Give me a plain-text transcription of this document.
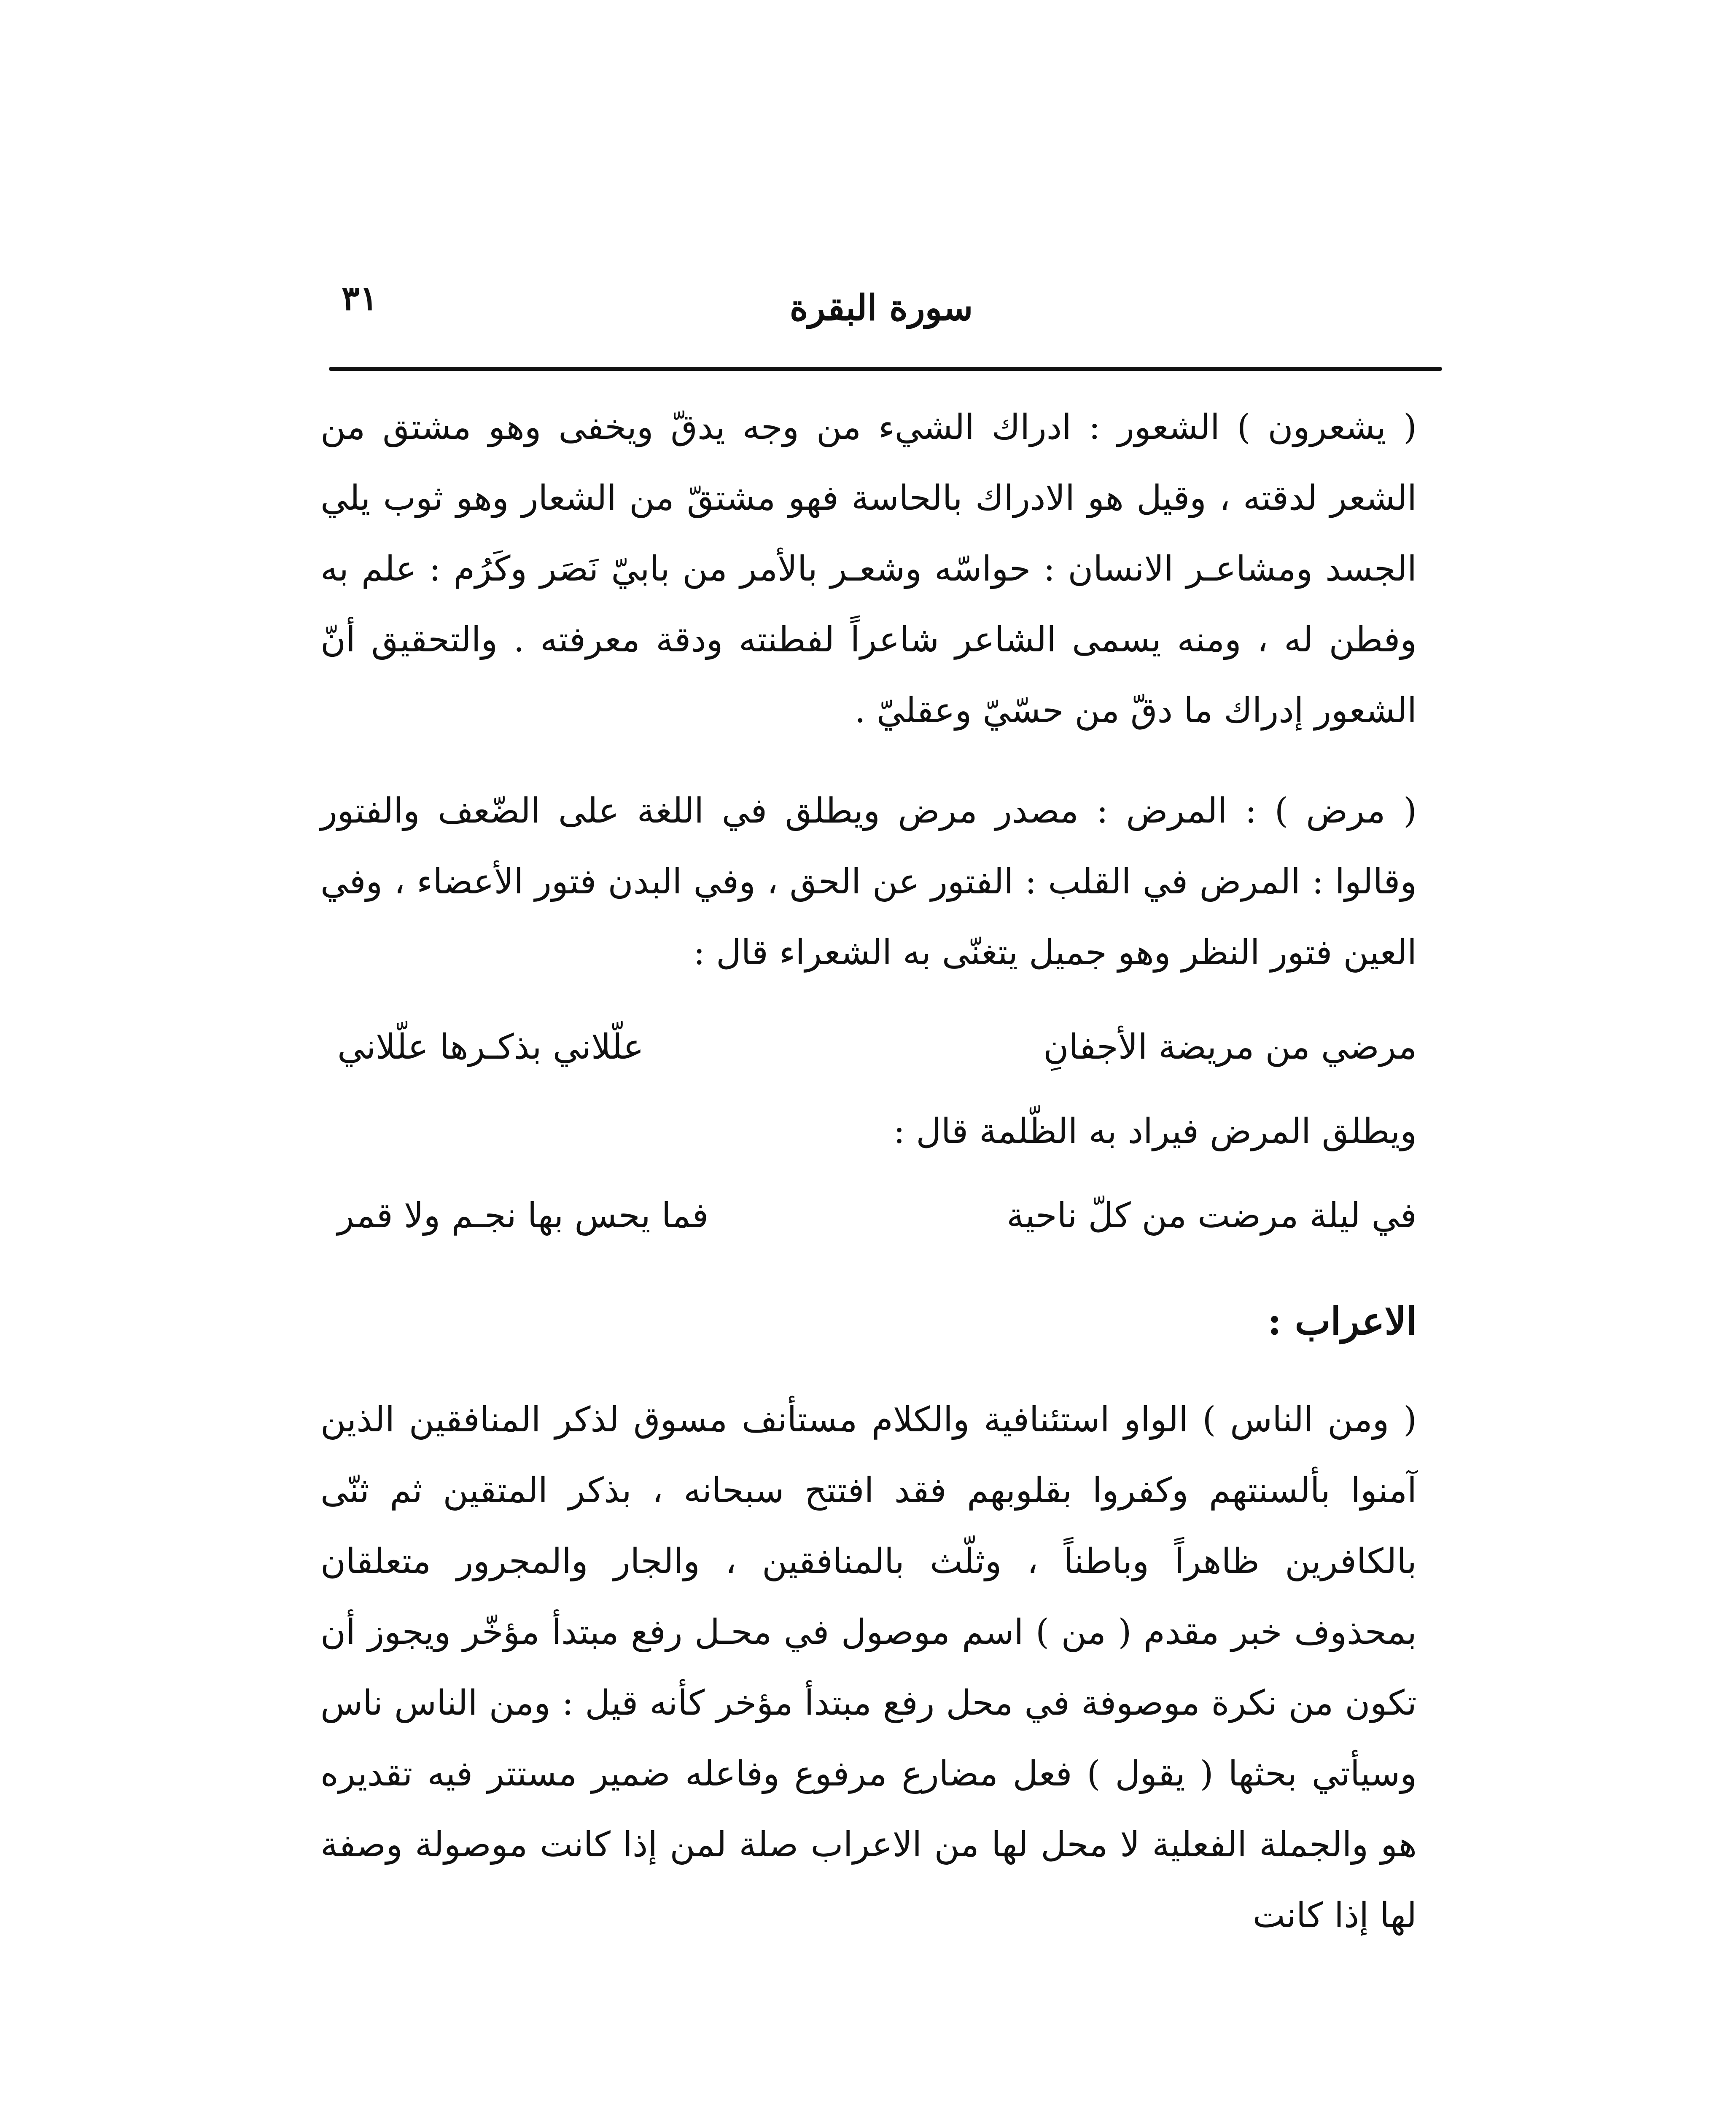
٣١	سورة البقرة

( يشعرون ) الشعور : ادراك الشيء من وجه يدقّ ويخفى وهو مشتق من الشعر لدقته ، وقيل هو الادراك بالحاسة فهو مشتقّ من الشعار وهو ثوب يلي الجسد ومشاعـر الانسان : حواسّه وشعـر بالأمر من بابيّ نَصَر وكَرُم : علم به وفطن له ، ومنه يسمى الشاعر شاعراً لفطنته ودقة معرفته . والتحقيق أنّ الشعور إدراك ما دقّ من حسّيّ وعقليّ .

( مرض ) : المرض : مصدر مرض ويطلق في اللغة على الضّعف والفتور وقالوا : المرض في القلب : الفتور عن الحق ، وفي البدن فتور الأعضاء ، وفي العين فتور النظر وهو جميل يتغنّى به الشعراء قال :

مرضي من مريضة الأجفانِ
علّلاني بذكـرها علّلاني
ويطلق المرض فيراد به الظّلمة قال :
في ليلة مرضت من كلّ ناحية
فما يحس بها نجـم ولا قمر
الاعراب :

( ومن الناس ) الواو استئنافية والكلام مستأنف مسوق لذكر المنافقين الذين آمنوا بألسنتهم وكفروا بقلوبهم فقد افتتح سبحانه ، بذكر المتقين ثم ثنّى بالكافرين ظاهراً وباطناً ، وثلّث بالمنافقين ، والجار والمجرور متعلقان بمحذوف خبر مقدم ( من ) اسم موصول في محـل رفع مبتدأ مؤخّر ويجوز أن تكون من نكرة موصوفة في محل رفع مبتدأ مؤخر كأنه قيل : ومن الناس ناس وسيأتي بحثها ( يقول ) فعل مضارع مرفوع وفاعله ضمير مستتر فيه تقديره هو والجملة الفعلية لا محل لها من الاعراب صلة لمن إذا كانت موصولة وصفة لها إذا كانت
